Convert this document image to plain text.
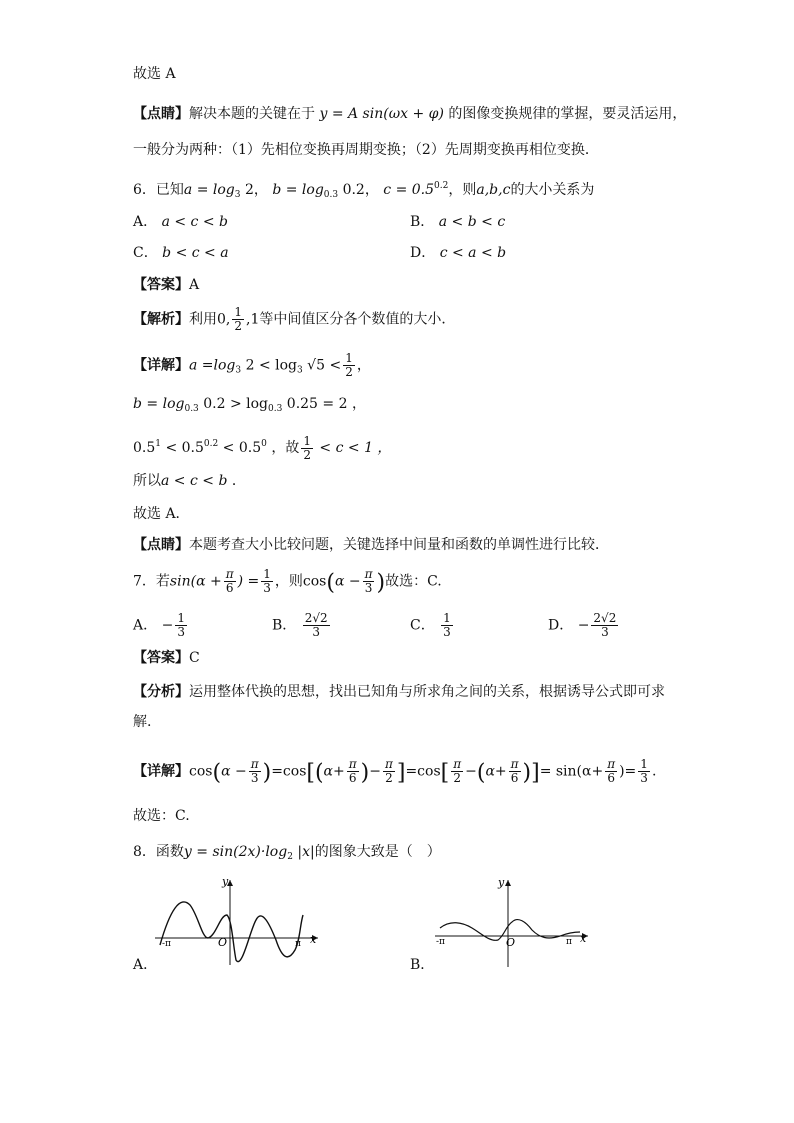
故选 A
【点睛】解决本题的关键在于 y = A sin(ωx + φ) 的图像变换规律的掌握，要灵活运用，
一般分为两种：（1）先相位变换再周期变换；（2）先周期变换再相位变换．
6．已知$a = \log_3 2$， $b = \log_{0.3} 0.2$， $c = 0.5^{0.2}$，则a,b,c的大小关系为
A． a < c < b	B． a < b < c
C． b < c < a	D． c < a < b
【答案】A
【解析】利用0, $\frac{1}{2} ,1$等中间值区分各个数值的大小．
【详解】$a =\log_3$ $2 < \log_3 √5 < \frac{1}{2}$ ，
$b = \log_{0.3} 0.2 > \log_{0.3} 0.25 = 2$ ，
$0.5^1 < 0.5^{0.2} < 0.5^0$ ，故 $\frac{1}{2} < c < 1$ ，
所以a < c < b ．
故选 A．
【点睛】本题考查大小比较问题，关键选择中间量和函数的单调性进行比较．
7．若$\sin(\alpha + \frac{\pi}{6}$ ) = $\frac{1}{3}$ ，则$\cos(\alpha - \frac{\pi}{3}$ )故选：C.
A． − $\frac{1}{3}$	B． $\frac{2√2}{3}$	C． $\frac{1}{3}$	D． − $\frac{2√2}{3}$
【答案】C
【分析】运用整体代换的思想，找出已知角与所求角之间的关系，根据诱导公式即可求
解.
【详解】$\cos(\alpha - \frac{\pi}{3} )=\cos[(\alpha+ \frac{\pi}{6}$ )− $\frac{\pi}{2} ]=\cos[ \frac{\pi}{2} -(\alpha+ \frac{\pi}{6}$ )]= $\sin(\alpha+ \frac{\pi}{6}$ )= $\frac{1}{3}$ .
故选：C.
8．函数$y = \sin(2x)\cdot\log_2$ |x|的图象大致是（　）
y
x
O
-π	π
A．
y
x
O
-π	π
B．
